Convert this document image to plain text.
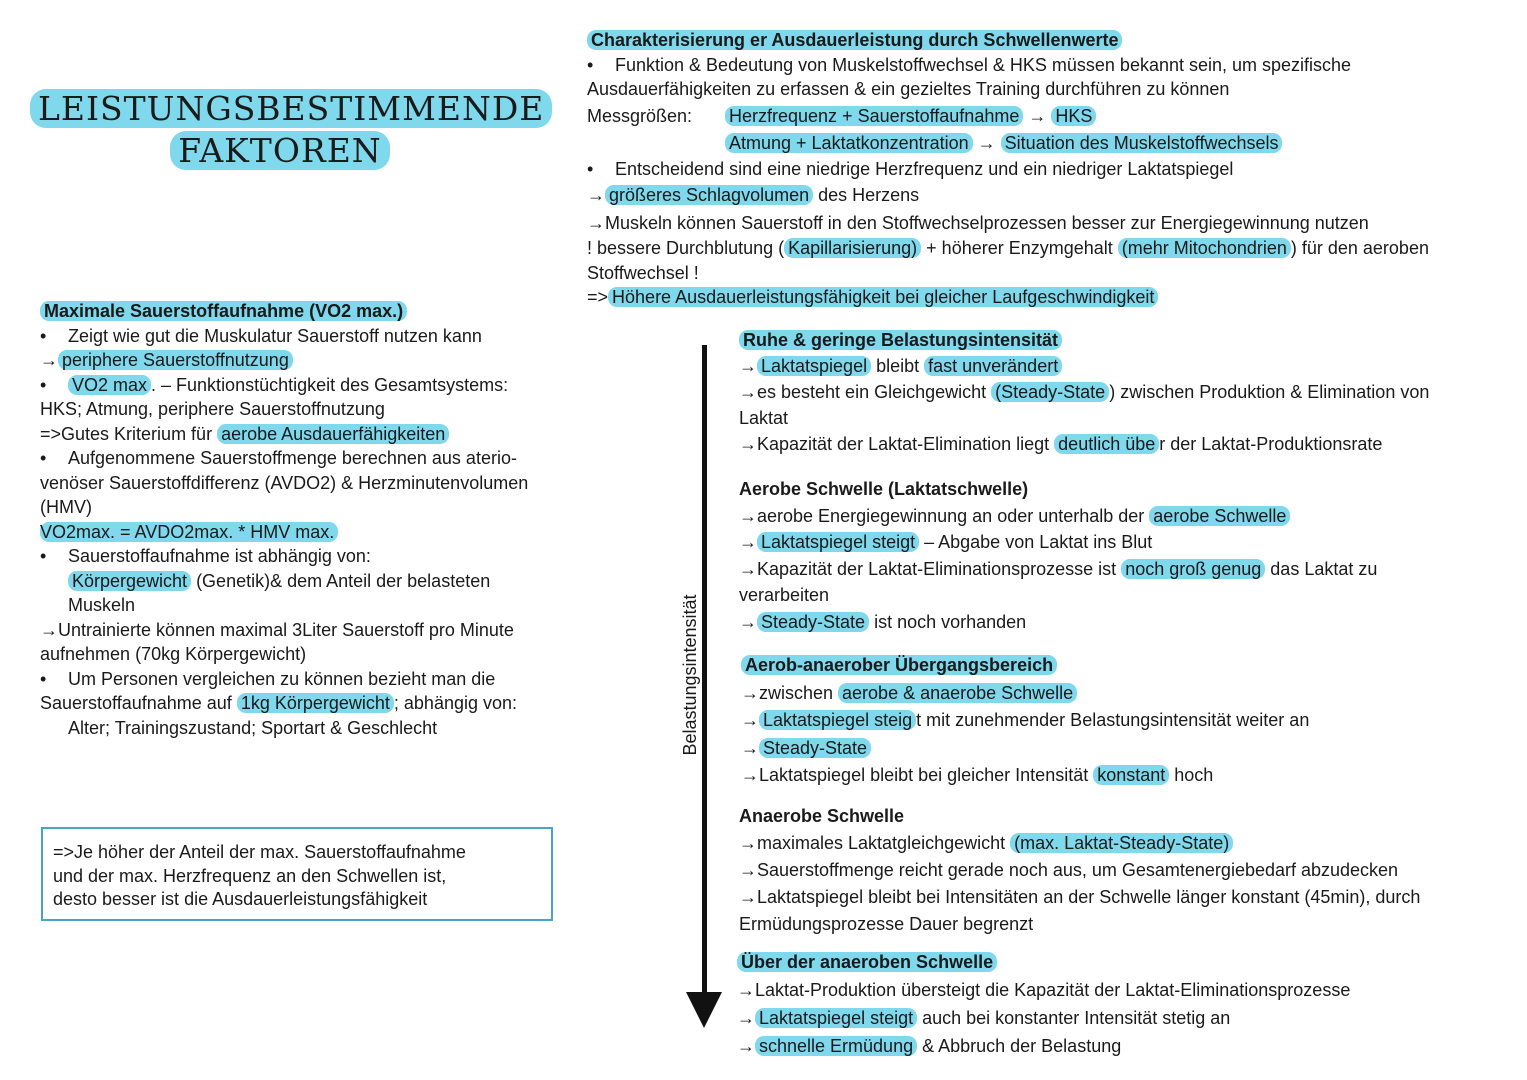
LEISTUNGSBESTIMMENDE
FAKTOREN
Maximale Sauerstoffaufnahme (VO2 max.)
• Zeigt wie gut die Muskulatur Sauerstoff nutzen kann
→ periphere Sauerstoffnutzung
• VO2 max . – Funktionstüchtigkeit des Gesamtsystems:
HKS; Atmung, periphere Sauerstoffnutzung
=>Gutes Kriterium für aerobe Ausdauerfähigkeiten
• Aufgenommene Sauerstoffmenge berechnen aus aterio-
venöser Sauerstoffdifferenz (AVDO2) & Herzminutenvolumen
(HMV)
VO2max. = AVDO2max. * HMV max.
• Sauerstoffaufnahme ist abhängig von:
Körpergewicht (Genetik)& dem Anteil der belasteten
Muskeln
→Untrainierte können maximal 3Liter Sauerstoff pro Minute
aufnehmen (70kg Körpergewicht)
• Um Personen vergleichen zu können bezieht man die
Sauerstoffaufnahme auf 1kg Körpergewicht ; abhängig von:
Alter; Trainingszustand; Sportart & Geschlecht
=>Je höher der Anteil der max. Sauerstoffaufnahme
und der max. Herzfrequenz an den Schwellen ist,
desto besser ist die Ausdauerleistungsfähigkeit
Charakterisierung er Ausdauerleistung durch Schwellenwerte
• Funktion & Bedeutung von Muskelstoffwechsel & HKS müssen bekannt sein, um spezifische
Ausdauerfähigkeiten zu erfassen & ein gezieltes Training durchführen zu können
Messgrößen: Herzfrequenz + Sauerstoffaufnahme → HKS
Atmung + Laktatkonzentration → Situation des Muskelstoffwechsels
• Entscheidend sind eine niedrige Herzfrequenz und ein niedriger Laktatspiegel
→ größeres Schlagvolumen des Herzens
→Muskeln können Sauerstoff in den Stoffwechselprozessen besser zur Energiegewinnung nutzen
! bessere Durchblutung ( Kapillarisierung) + höherer Enzymgehalt (mehr Mitochondrien ) für den aeroben
Stoffwechsel !
=> Höhere Ausdauerleistungsfähigkeit bei gleicher Laufgeschwindigkeit
Belastungsintensität
Ruhe & geringe Belastungsintensität
→ Laktatspiegel bleibt fast unverändert
→es besteht ein Gleichgewicht (Steady-State ) zwischen Produktion & Elimination von
Laktat
→Kapazität der Laktat-Elimination liegt deutlich übe r der Laktat-Produktionsrate
Aerobe Schwelle (Laktatschwelle)
→aerobe Energiegewinnung an oder unterhalb der aerobe Schwelle
→ Laktatspiegel steigt – Abgabe von Laktat ins Blut
→Kapazität der Laktat-Eliminationsprozesse ist noch groß genug das Laktat zu
verarbeiten
→ Steady-State ist noch vorhanden
Aerob-anaerober Übergangsbereich
→zwischen aerobe & anaerobe Schwelle
→ Laktatspiegel steig t mit zunehmender Belastungsintensität weiter an
→ Steady-State
→Laktatspiegel bleibt bei gleicher Intensität konstant hoch
Anaerobe Schwelle
→maximales Laktatgleichgewicht (max. Laktat-Steady-State)
→Sauerstoffmenge reicht gerade noch aus, um Gesamtenergiebedarf abzudecken
→Laktatspiegel bleibt bei Intensitäten an der Schwelle länger konstant (45min), durch
Ermüdungsprozesse Dauer begrenzt
Über der anaeroben Schwelle
→Laktat-Produktion übersteigt die Kapazität der Laktat-Eliminationsprozesse
→ Laktatspiegel steigt auch bei konstanter Intensität stetig an
→ schnelle Ermüdung & Abbruch der Belastung
